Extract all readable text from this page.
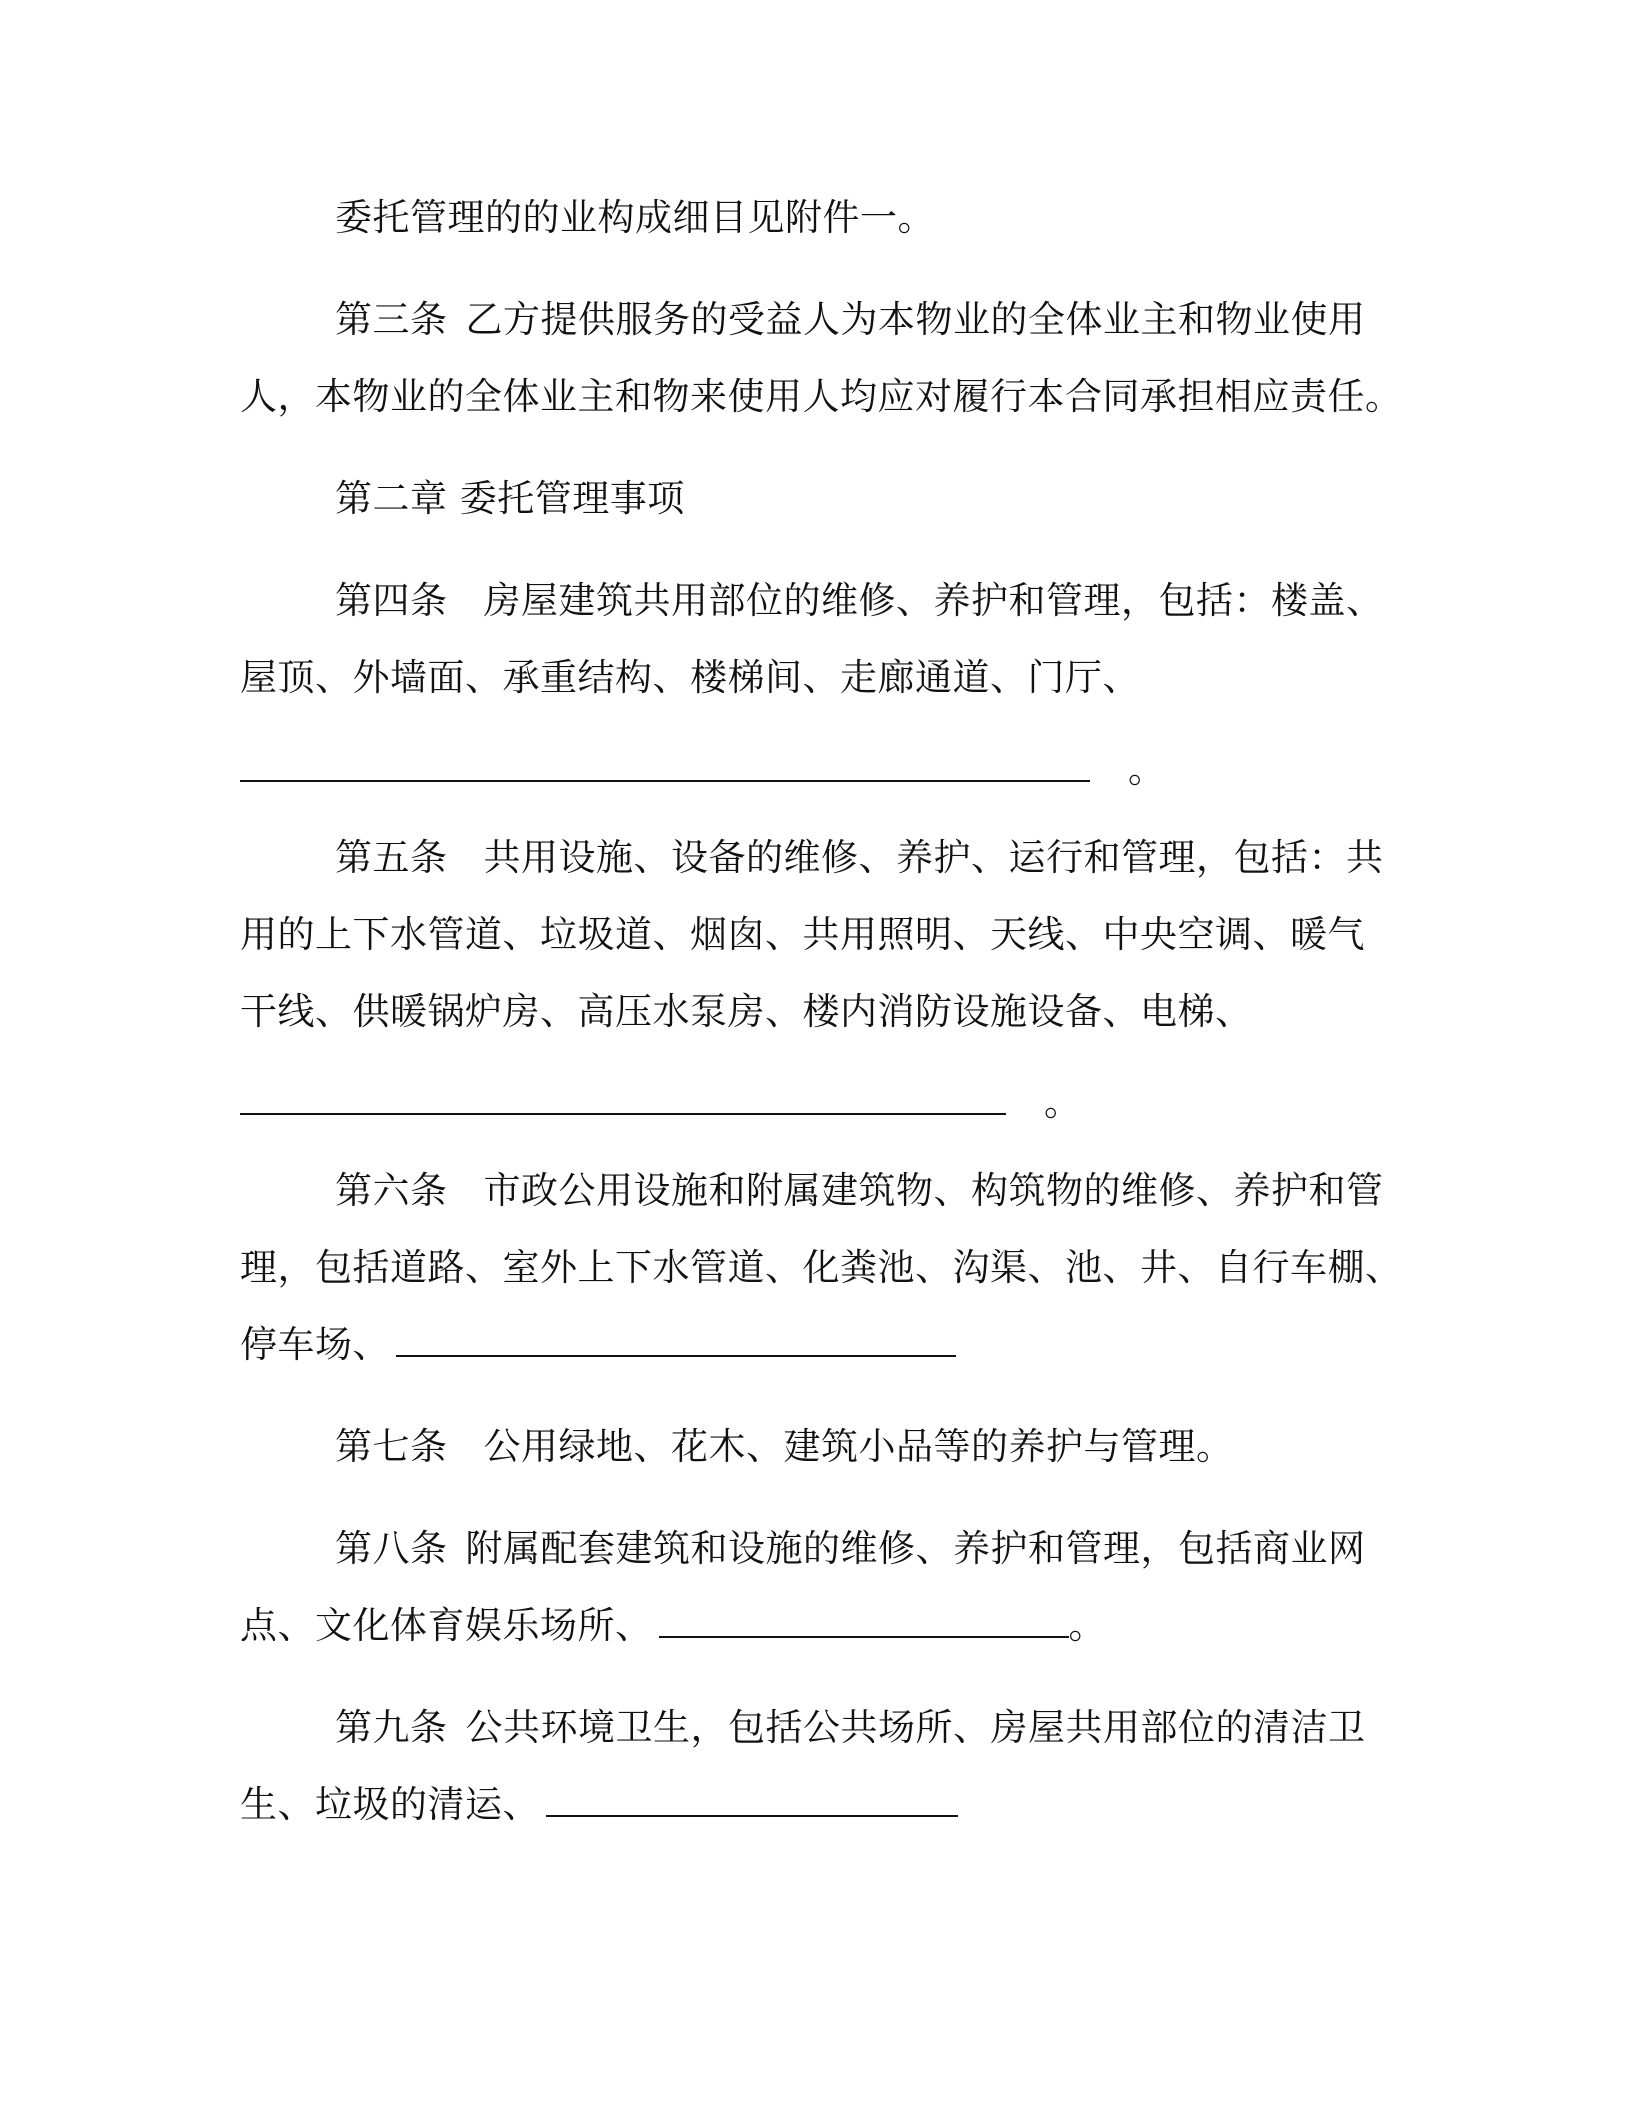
委托管理的的业构成细目见附件一。
第三条 乙方提供服务的受益人为本物业的全体业主和物业使用
人，本物业的全体业主和物来使用人均应对履行本合同承担相应责任。
第二章 委托管理事项
第四条 房屋建筑共用部位的维修、养护和管理，包括：楼盖、
屋顶、外墙面、承重结构、楼梯间、走廊通道、门厅、
。
第五条 共用设施、设备的维修、养护、运行和管理，包括：共
用的上下水管道、垃圾道、烟囱、共用照明、天线、中央空调、暖气
干线、供暖锅炉房、高压水泵房、楼内消防设施设备、电梯、
。
第六条 市政公用设施和附属建筑物、构筑物的维修、养护和管
理，包括道路、室外上下水管道、化粪池、沟渠、池、井、自行车棚、
停车场、
第七条 公用绿地、花木、建筑小品等的养护与管理。
第八条 附属配套建筑和设施的维修、养护和管理，包括商业网
点、文化体育娱乐场所、	。
第九条 公共环境卫生，包括公共场所、房屋共用部位的清洁卫
生、垃圾的清运、
